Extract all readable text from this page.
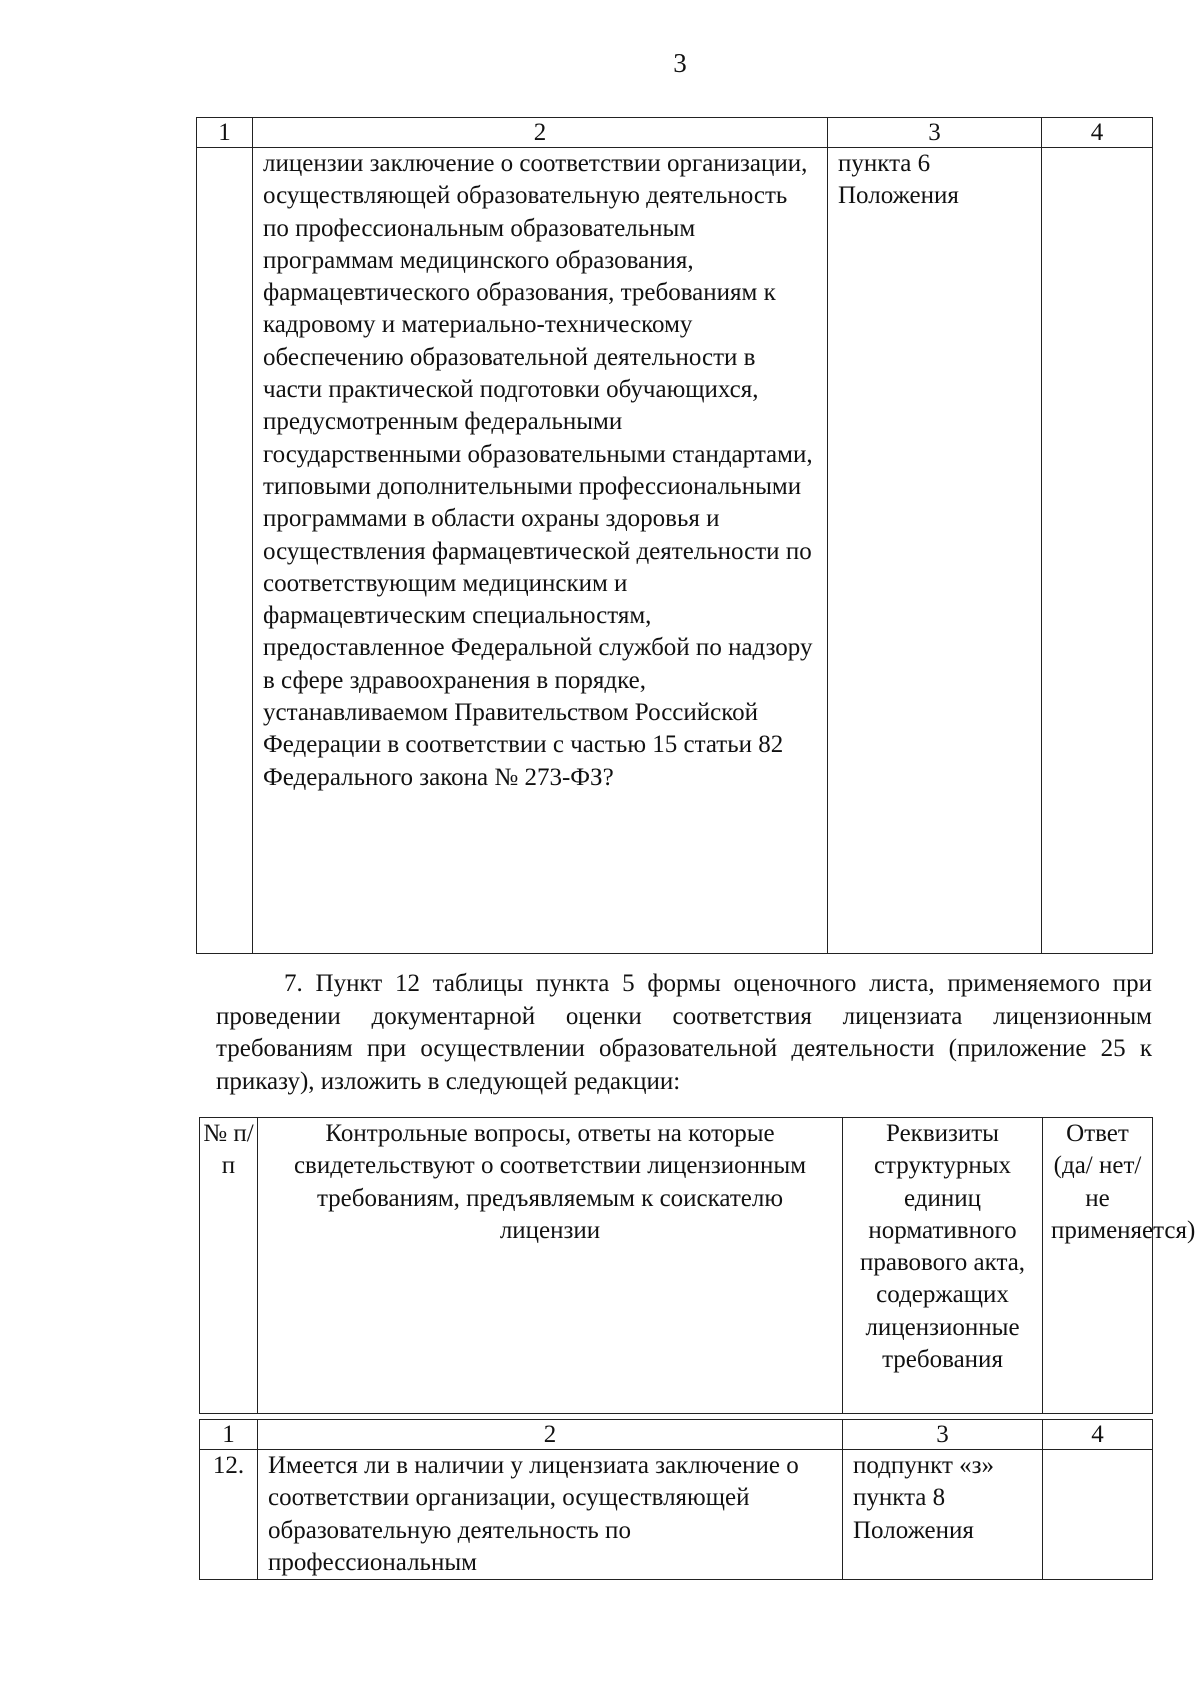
3
1	2	3	4
	лицензии заключение о соответствии организации, осуществляющей образовательную деятельность по профессиональным образовательным программам медицинского образования, фармацевтического образования, требованиям к кадровому и материально-техническому обеспечению образовательной деятельности в части практической подготовки обучающихся, предусмотренным федеральными государственными образовательными стандартами, типовыми дополнительными профессиональными программами в области охраны здоровья и осуществления фармацевтической деятельности по соответствующим медицинским и фармацевтическим специальностям, предоставленное Федеральной службой по надзору в сфере здравоохранения в порядке, устанавливаемом Правительством Российской Федерации в соответствии с частью 15 статьи 82 Федерального закона № 273-ФЗ?	пункта 6 Положения	
7. Пункт 12 таблицы пункта 5 формы оценочного листа, применяемого при проведении документарной оценки соответствия лицензиата лицензионным требованиям при осуществлении образовательной деятельности (приложение 25 к приказу), изложить в следующей редакции:
№ п/п	Контрольные вопросы, ответы на которые свидетельствуют о соответствии лицензионным требованиям, предъявляемым к соискателю лицензии	Реквизиты структурных единиц нормативного правового акта, содержащих лицензионные требования	Ответ (да/ нет/ не применяется)
1	2	3	4
12.	Имеется ли в наличии у лицензиата заключение о соответствии организации, осуществляющей образовательную деятельность по профессиональным	подпункт «з» пункта 8 Положения	
